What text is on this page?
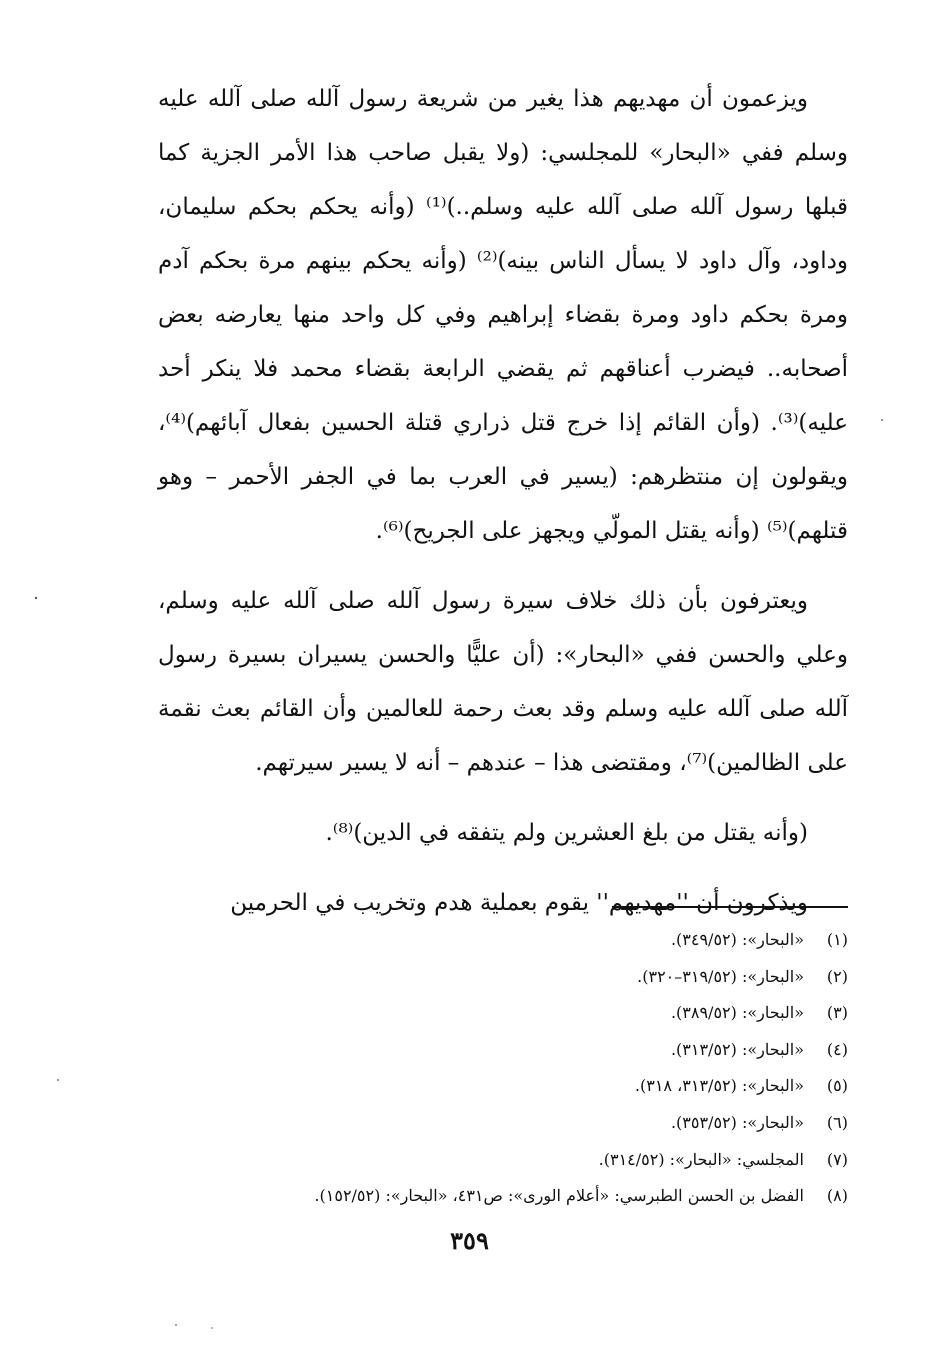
ويزعمون أن مهديهم هذا يغير من شريعة رسول آلله صلى آلله عليه وسلم ففي «البحار» للمجلسي: (ولا يقبل صاحب هذا الأمر الجزية كما قبلها رسول آلله صلى آلله عليه وسلم..)⁽¹⁾ (وأنه يحكم بحكم سليمان، وداود، وآل داود لا يسأل الناس بينه)⁽²⁾ (وأنه يحكم بينهم مرة بحكم آدم ومرة بحكم داود ومرة بقضاء إبراهيم وفي كل واحد منها يعارضه بعض أصحابه.. فيضرب أعناقهم ثم يقضي الرابعة بقضاء محمد فلا ينكر أحد عليه)⁽³⁾. (وأن القائم إذا خرج قتل ذراري قتلة الحسين بفعال آبائهم)⁽⁴⁾، ويقولون إن منتظرهم: (يسير في العرب بما في الجفر الأحمر – وهو قتلهم)⁽⁵⁾ (وأنه يقتل المولّي ويجهز على الجريح)⁽⁶⁾.

ويعترفون بأن ذلك خلاف سيرة رسول آلله صلى آلله عليه وسلم، وعلي والحسن ففي «البحار»: (أن عليًّا والحسن يسيران بسيرة رسول آلله صلى آلله عليه وسلم وقد بعث رحمة للعالمين وأن القائم بعث نقمة على الظالمين)⁽⁷⁾، ومقتضى هذا – عندهم – أنه لا يسير سيرتهم.

(وأنه يقتل من بلغ العشرين ولم يتفقه في الدين)⁽⁸⁾.

ويذكرون أن ''مهديهم'' يقوم بعملية هدم وتخريب في الحرمين

(١)
«البحار»: (٣٤٩/٥٢).
(٢)
«البحار»: (٣١٩/٥٢–٣٢٠).
(٣)
«البحار»: (٣٨٩/٥٢).
(٤)
«البحار»: (٣١٣/٥٢).
(٥)
«البحار»: (٣١٣/٥٢، ٣١٨).
(٦)
«البحار»: (٣٥٣/٥٢).
(٧)
المجلسي: «البحار»: (٣١٤/٥٢).
(٨)
الفضل بن الحسن الطبرسي: «أعلام الورى»: ص٤٣١، «البحار»: (١٥٢/٥٢).
٣٥٩
